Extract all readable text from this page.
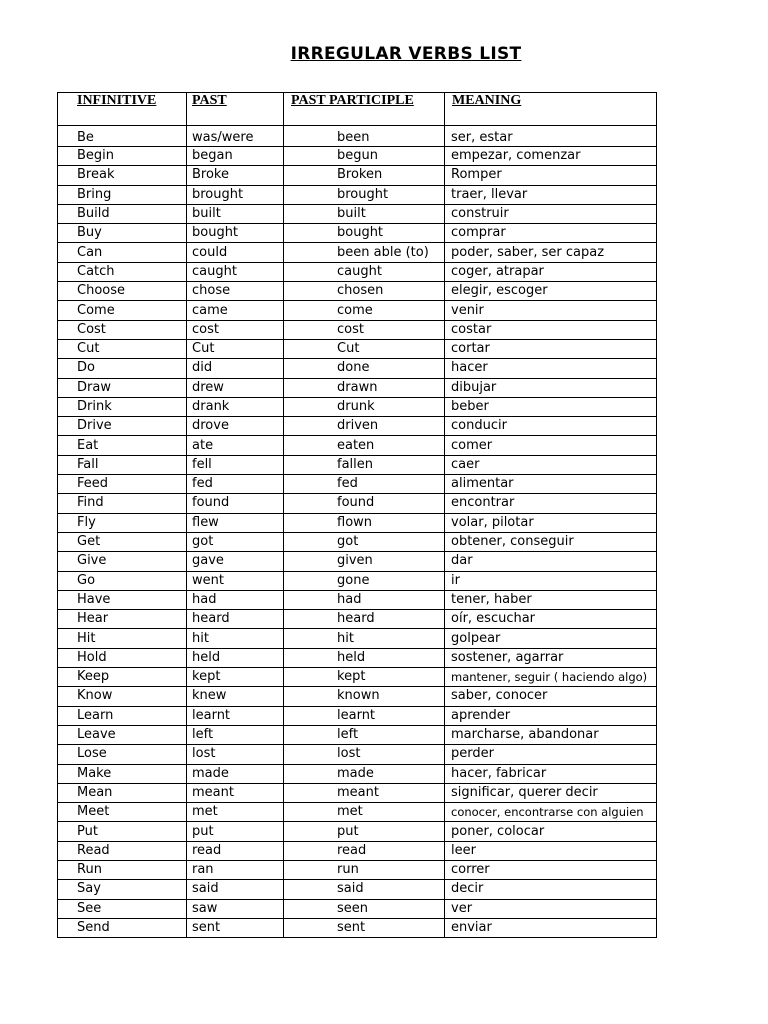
IRREGULAR VERBS LIST
INFINITIVE	PAST	PAST PARTICIPLE	MEANING
Be	was/were	been	ser, estar
Begin	began	begun	empezar, comenzar
Break	Broke	Broken	Romper
Bring	brought	brought	traer, llevar
Build	built	built	construir
Buy	bought	bought	comprar
Can	could	been able (to)	poder, saber, ser capaz
Catch	caught	caught	coger, atrapar
Choose	chose	chosen	elegir, escoger
Come	came	come	venir
Cost	cost	cost	costar
Cut	Cut	Cut	cortar
Do	did	done	hacer
Draw	drew	drawn	dibujar
Drink	drank	drunk	beber
Drive	drove	driven	conducir
Eat	ate	eaten	comer
Fall	fell	fallen	caer
Feed	fed	fed	alimentar
Find	found	found	encontrar
Fly	flew	flown	volar, pilotar
Get	got	got	obtener, conseguir
Give	gave	given	dar
Go	went	gone	ir
Have	had	had	tener, haber
Hear	heard	heard	oír, escuchar
Hit	hit	hit	golpear
Hold	held	held	sostener, agarrar
Keep	kept	kept	mantener, seguir ( haciendo algo)
Know	knew	known	saber, conocer
Learn	learnt	learnt	aprender
Leave	left	left	marcharse, abandonar
Lose	lost	lost	perder
Make	made	made	hacer, fabricar
Mean	meant	meant	significar, querer decir
Meet	met	met	conocer, encontrarse con alguien
Put	put	put	poner, colocar
Read	read	read	leer
Run	ran	run	correr
Say	said	said	decir
See	saw	seen	ver
Send	sent	sent	enviar
